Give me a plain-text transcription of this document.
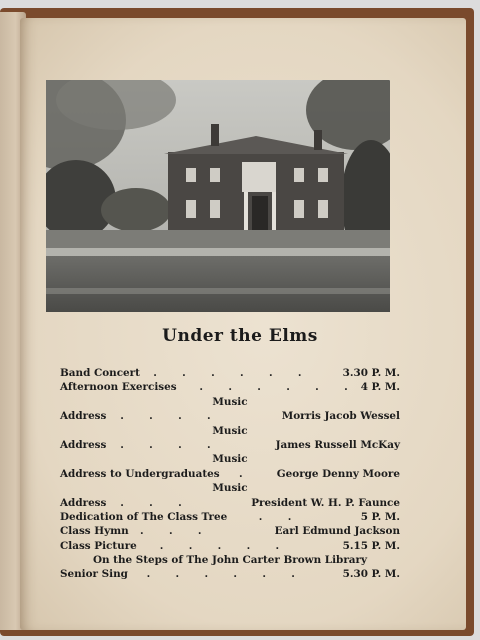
Under the Elms
Band Concert .       .       .       .       .       .	3.30 P. M.
Afternoon Exercises .       .       .       .       .       . 4 P. M.
Music
Address .       .       .       .	Morris Jacob Wessel
Music
Address .       .       .       .	James Russell McKay
Music
Address to Undergraduates .	George Denny Moore
Music
Address .       .       .	President W. H. P. Faunce
Dedication of The Class Tree	.       .	5 P. M.
Class Hymn .       .       .	Earl Edmund Jackson
Class Picture .       .       .       .       .	5.15 P. M.
On the Steps of The John Carter Brown Library
Senior Sing .       .       .       .       .       .	5.30 P. M.
